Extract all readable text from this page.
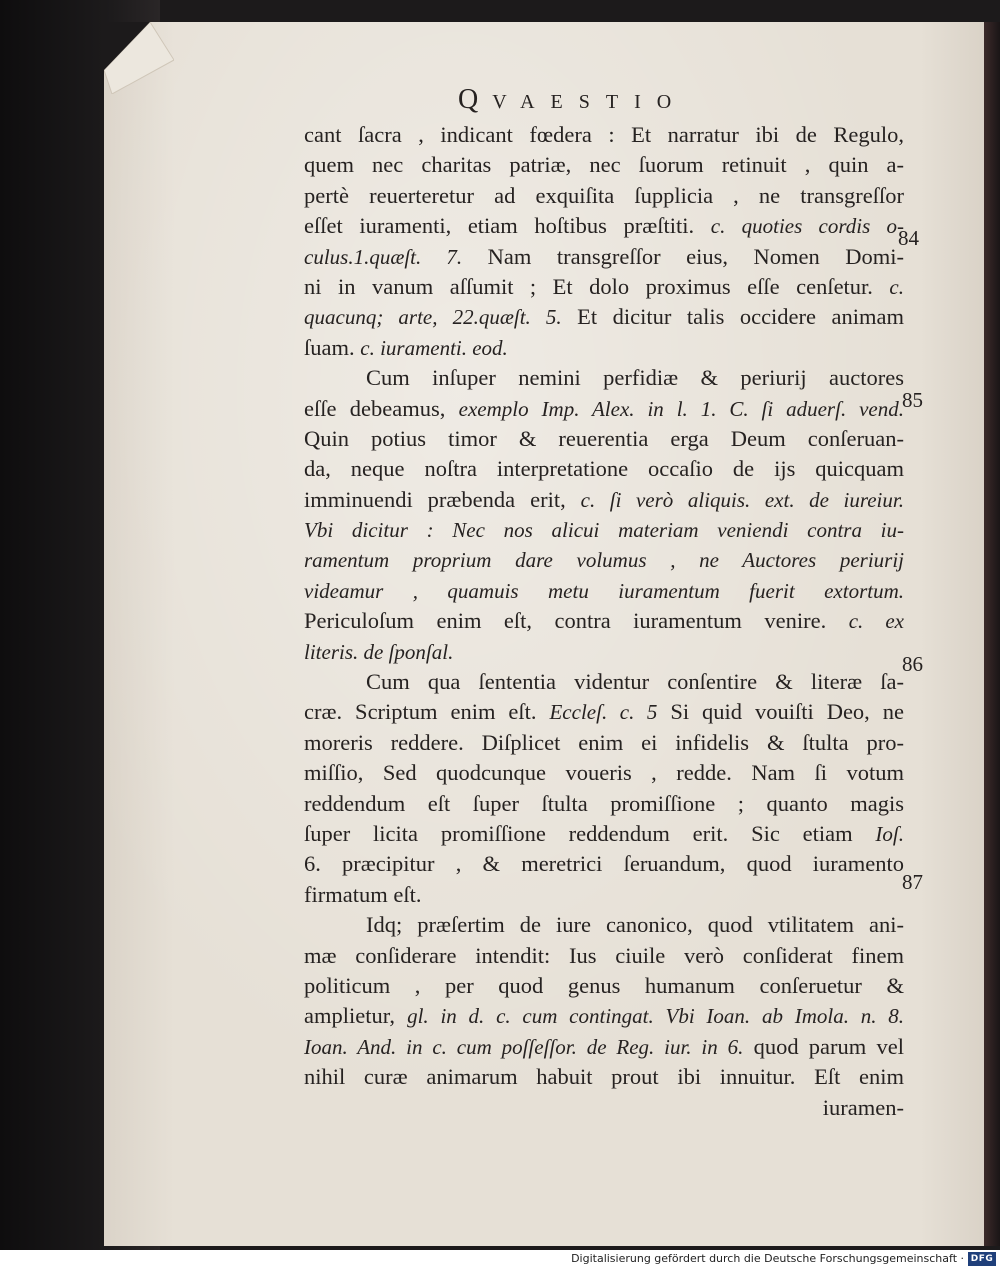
QVAESTIO
cant ſacra , indicant fœdera : Et narratur ibi de Regulo,
quem nec charitas patriæ, nec ſuorum retinuit , quin a-
pertè reuerteretur ad exquiſita ſupplicia , ne transgreſſor
eſſet iuramenti, etiam hoſtibus præſtiti. c. quoties cordis o-
culus.1.quæſt. 7. Nam transgreſſor eius, Nomen Domi-
ni in vanum aſſumit ; Et dolo proximus eſſe cenſetur. c.
quacunq; arte, 22.quæſt. 5. Et dicitur talis occidere animam
ſuam. c. iuramenti. eod.
Cum inſuper nemini perfidiæ & periurij auctores
eſſe debeamus, exemplo Imp. Alex. in l. 1. C. ſi aduerſ. vend.
Quin potius timor & reuerentia erga Deum conſeruan-
da, neque noſtra interpretatione occaſio de ijs quicquam
imminuendi præbenda erit, c. ſi verò aliquis. ext. de iureiur.
Vbi dicitur : Nec nos alicui materiam veniendi contra iu-
ramentum proprium dare volumus , ne Auctores periurij
videamur , quamuis metu iuramentum fuerit extortum.
Periculoſum enim eſt, contra iuramentum venire. c. ex
literis. de ſponſal.
Cum qua ſententia videntur conſentire & literæ ſa-
cræ. Scriptum enim eſt. Eccleſ. c. 5 Si quid vouiſti Deo, ne
moreris reddere. Diſplicet enim ei infidelis & ſtulta pro-
miſſio, Sed quodcunque voueris , redde. Nam ſi votum
reddendum eſt ſuper ſtulta promiſſione ; quanto magis
ſuper licita promiſſione reddendum erit. Sic etiam Ioſ.
6. præcipitur , & meretrici ſeruandum, quod iuramento
firmatum eſt.
Idq; præſertim de iure canonico, quod vtilitatem ani-
mæ conſiderare intendit: Ius ciuile verò conſiderat finem
politicum , per quod genus humanum conſeruetur &
amplietur, gl. in d. c. cum contingat. Vbi Ioan. ab Imola. n. 8.
Ioan. And. in c. cum poſſeſſor. de Reg. iur. in 6. quod parum vel
nihil curæ animarum habuit prout ibi innuitur. Eſt enim
iuramen-
84
85
86
87
Digitalisierung gefördert durch die Deutsche Forschungsgemeinschaft · DFG
